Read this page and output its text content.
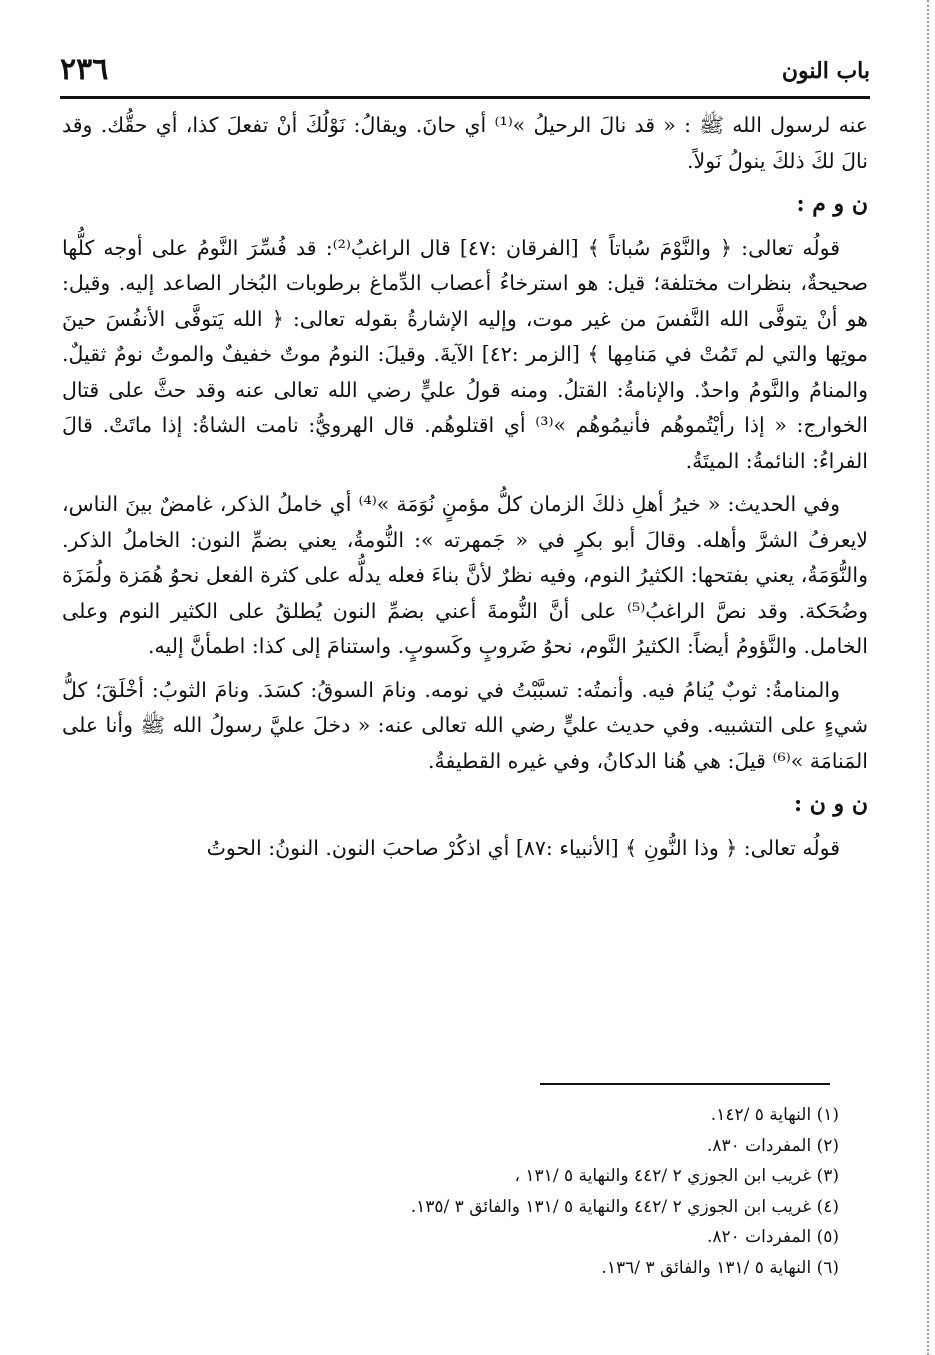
باب النون
٢٣٦

عنه لرسول الله ﷺ : « قد نالَ الرحيلُ »⁽¹⁾ أي حانَ. ويقالُ: نَوْلُكَ أنْ تفعلَ كذا، أي حقُّك. وقد نالَ لكَ ذلكَ ينولُ نَولاً.

ن و م :

قولُه تعالى: ﴿ والنَّوْمَ سُباتاً ﴾ [الفرقان :٤٧] قال الراغبُ⁽²⁾: قد فُسِّرَ النَّومُ على أوجه كلُّها صحيحةٌ، بنظرات مختلفة؛ قيل: هو استرخاءُ أعصاب الدِّماغ برطوبات البُخار الصاعد إليه. وقيل: هو أنْ يتوفَّى الله النَّفسَ من غير موت، وإليه الإشارةُ بقوله تعالى: ﴿ الله يَتوفَّى الأنفُسَ حينَ موتِها والتي لم تَمُتْ في مَنامِها ﴾ [الزمر :٤٢] الآيةَ. وقيلَ: النومُ موتٌ خفيفٌ والموتُ نومٌ ثقيلٌ. والمنامُ والنَّومُ واحدٌ. والإنامةُ: القتلُ. ومنه قولُ عليٍّ رضي الله تعالى عنه وقد حثَّ على قتال الخوارج: « إذا رأيْتُموهُم فأنيمُوهُم »⁽³⁾ أي اقتلوهُم. قال الهرويُّ: نامت الشاةُ: إذا ماتَتْ. قالَ الفراءُ: النائمةُ: الميتَةُ.

وفي الحديث: « خيرُ أهلِ ذلكَ الزمان كلُّ مؤمنٍ نُوَمَة »⁽⁴⁾ أي خاملُ الذكر، غامضٌ بينَ الناس، لايعرفُ الشرَّ وأهله. وقالَ أبو بكرٍ في « جَمهرته »: النُّومةُ، يعني بضمِّ النون: الخاملُ الذكر. والنُّوَمَةُ، يعني بفتحها: الكثيرُ النوم، وفيه نظرٌ لأنَّ بناءَ فعله يدلُّه على كثرة الفعل نحوُ هُمَزة ولُمَزَة وضُحَكة. وقد نصَّ الراغبُ⁽⁵⁾ على أنَّ النُّومةَ أعني بضمِّ النون يُطلقُ على الكثير النوم وعلى الخامل. والنَّؤومُ أيضاً: الكثيرُ النَّوم، نحوُ ضَروبٍ وكَسوبٍ. واستنامَ إلى كذا: اطمأنَّ إليه.

والمنامةُ: ثوبٌ يُنامُ فيه. وأنمتُه: تسبَّبْتُ في نومه. ونامَ السوقُ: كسَدَ. ونامَ الثوبُ: أخْلَقَ؛ كلُّ شيءٍ على التشبيه. وفي حديث عليٍّ رضي الله تعالى عنه: « دخلَ عليَّ رسولُ الله ﷺ وأنا على المَنامَة »⁽⁶⁾ قيلَ: هي هُنا الدكانُ، وفي غيره القطيفةُ.

ن و ن :

قولُه تعالى: ﴿ وذا النُّونِ ﴾ [الأنبياء :٨٧] أي اذكُرْ صاحبَ النون. النونُ: الحوتُ

(١) النهاية ٥ /١٤٢.
(٢) المفردات ٨٣٠.
(٣) غريب ابن الجوزي ٢ /٤٤٢ والنهاية ٥ /١٣١ ،
(٤) غريب ابن الجوزي ٢ /٤٤٢ والنهاية ٥ /١٣١ والفائق ٣ /١٣٥.
(٥) المفردات ٨٢٠.
(٦) النهاية ٥ /١٣١ والفائق ٣ /١٣٦.
